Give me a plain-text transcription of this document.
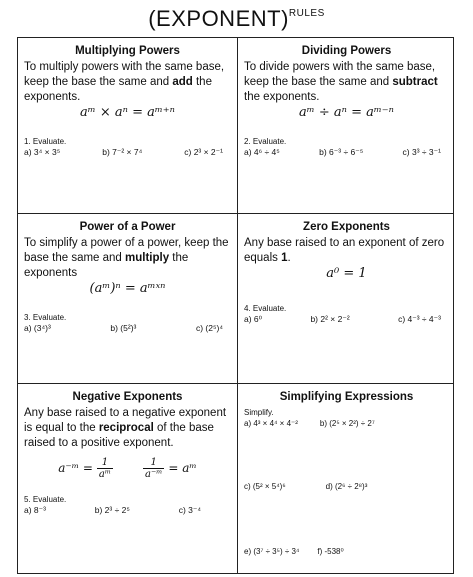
(EXPONENT)$^{RULES}$
Multiplying Powers

To multiply powers with the same base, keep the base the same and add the exponents.

aᵐ × aⁿ = aᵐ⁺ⁿ

1. Evaluate.

a) 3⁴ × 3⁵	b) 7⁻² × 7⁴	c) 2³ × 2⁻¹
Dividing Powers

To divide powers with the same base, keep the base the same and subtract the exponents.

aᵐ ÷ aⁿ = aᵐ⁻ⁿ

2. Evaluate.

a) 4⁶ ÷ 4⁵	b) 6⁻³ ÷ 6⁻⁵	c) 3³ ÷ 3⁻¹
Power of a Power

To simplify a power of a power, keep the base the same and multiply the exponents

(aᵐ)ⁿ = aᵐˣⁿ

3. Evaluate.

a) (3⁴)³	b) (5²)³	c) (2⁵)⁴
Zero Exponents

Any base raised to an exponent of zero equals 1.

a⁰ = 1

4. Evaluate.

a) 6⁰	b) 2² × 2⁻²	c) 4⁻³ ÷ 4⁻³
Negative Exponents

Any base raised to a negative exponent is equal to the reciprocal of the base raised to a positive exponent.

a⁻ᵐ = $\frac{1}{\text{aᵐ}}$	$\frac{1}{\text{a⁻ᵐ}}$ = aᵐ

5. Evaluate.

a) 8⁻³	b) 2³ ÷ 2⁵	c) 3⁻⁴
Simplifying Expressions

Simplify.

a) 4³ × 4⁴ × 4⁻²	b) (2⁵ × 2²) ÷ 2⁷
c) (5² × 5⁴)⁶	d) (2⁶ ÷ 2⁸)³
e) (3⁷ ÷ 3⁵) ÷ 3⁴ f) -538⁰
